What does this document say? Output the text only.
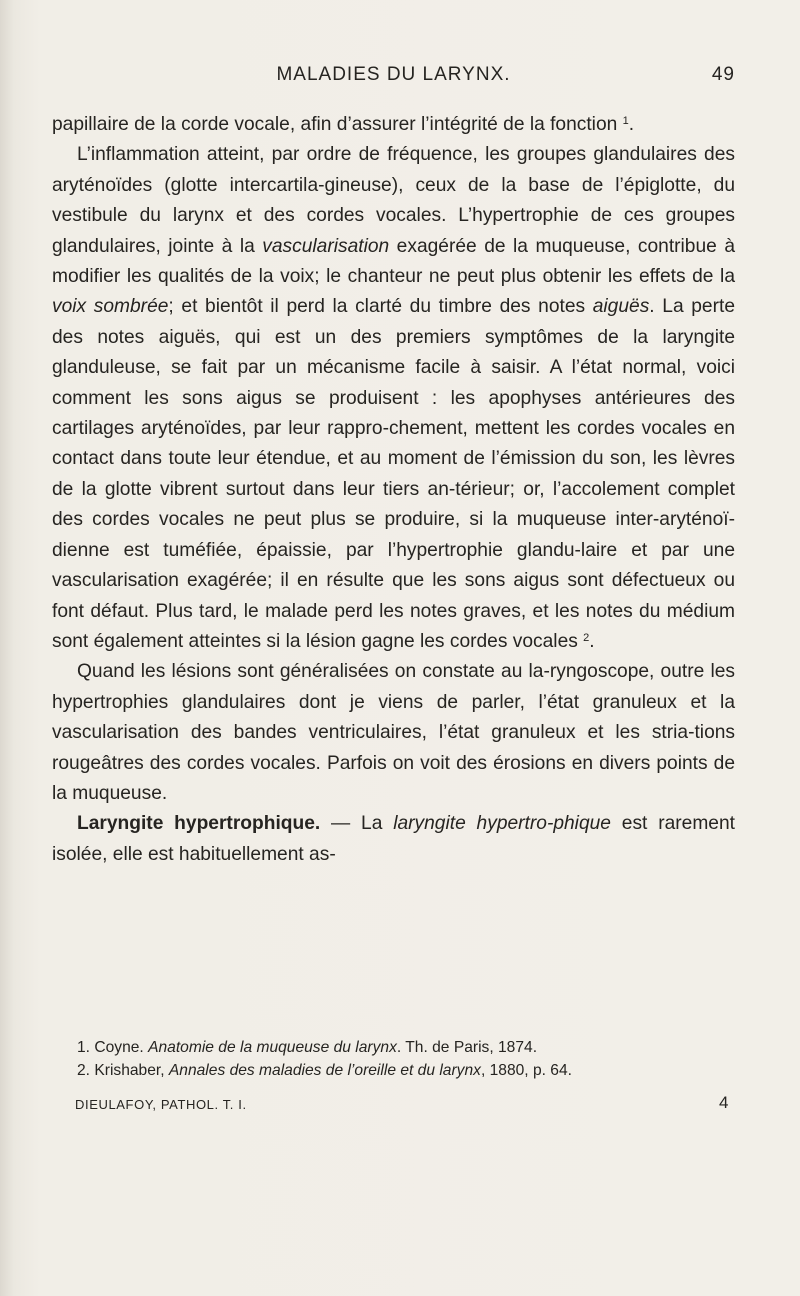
MALADIES DU LARYNX.	49

papillaire de la corde vocale, afin d’assurer l’intégrité de la fonction $^1$.

L’inflammation atteint, par ordre de fréquence, les groupes glandulaires des aryténoïdes (glotte intercartila-gineuse), ceux de la base de l’épiglotte, du vestibule du larynx et des cordes vocales. L’hypertrophie de ces groupes glandulaires, jointe à la vascularisation exagérée de la muqueuse, contribue à modifier les qualités de la voix; le chanteur ne peut plus obtenir les effets de la voix sombrée; et bientôt il perd la clarté du timbre des notes aiguës. La perte des notes aiguës, qui est un des premiers symptômes de la laryngite glanduleuse, se fait par un mécanisme facile à saisir. A l’état normal, voici comment les sons aigus se produisent : les apophyses antérieures des cartilages aryténoïdes, par leur rappro-chement, mettent les cordes vocales en contact dans toute leur étendue, et au moment de l’émission du son, les lèvres de la glotte vibrent surtout dans leur tiers an-térieur; or, l’accolement complet des cordes vocales ne peut plus se produire, si la muqueuse inter-aryténoï-dienne est tuméfiée, épaissie, par l’hypertrophie glandu-laire et par une vascularisation exagérée; il en résulte que les sons aigus sont défectueux ou font défaut. Plus tard, le malade perd les notes graves, et les notes du médium sont également atteintes si la lésion gagne les cordes vocales $^2$.

Quand les lésions sont généralisées on constate au la-ryngoscope, outre les hypertrophies glandulaires dont je viens de parler, l’état granuleux et la vascularisation des bandes ventriculaires, l’état granuleux et les stria-tions rougeâtres des cordes vocales. Parfois on voit des érosions en divers points de la muqueuse.

Laryngite hypertrophique. — La laryngite hypertro-phique est rarement isolée, elle est habituellement as-

1. Coyne. Anatomie de la muqueuse du larynx. Th. de Paris, 1874.

2. Krishaber, Annales des maladies de l’oreille et du larynx, 1880, p. 64.

DIEULAFOY, PATHOL. T. I.	4
